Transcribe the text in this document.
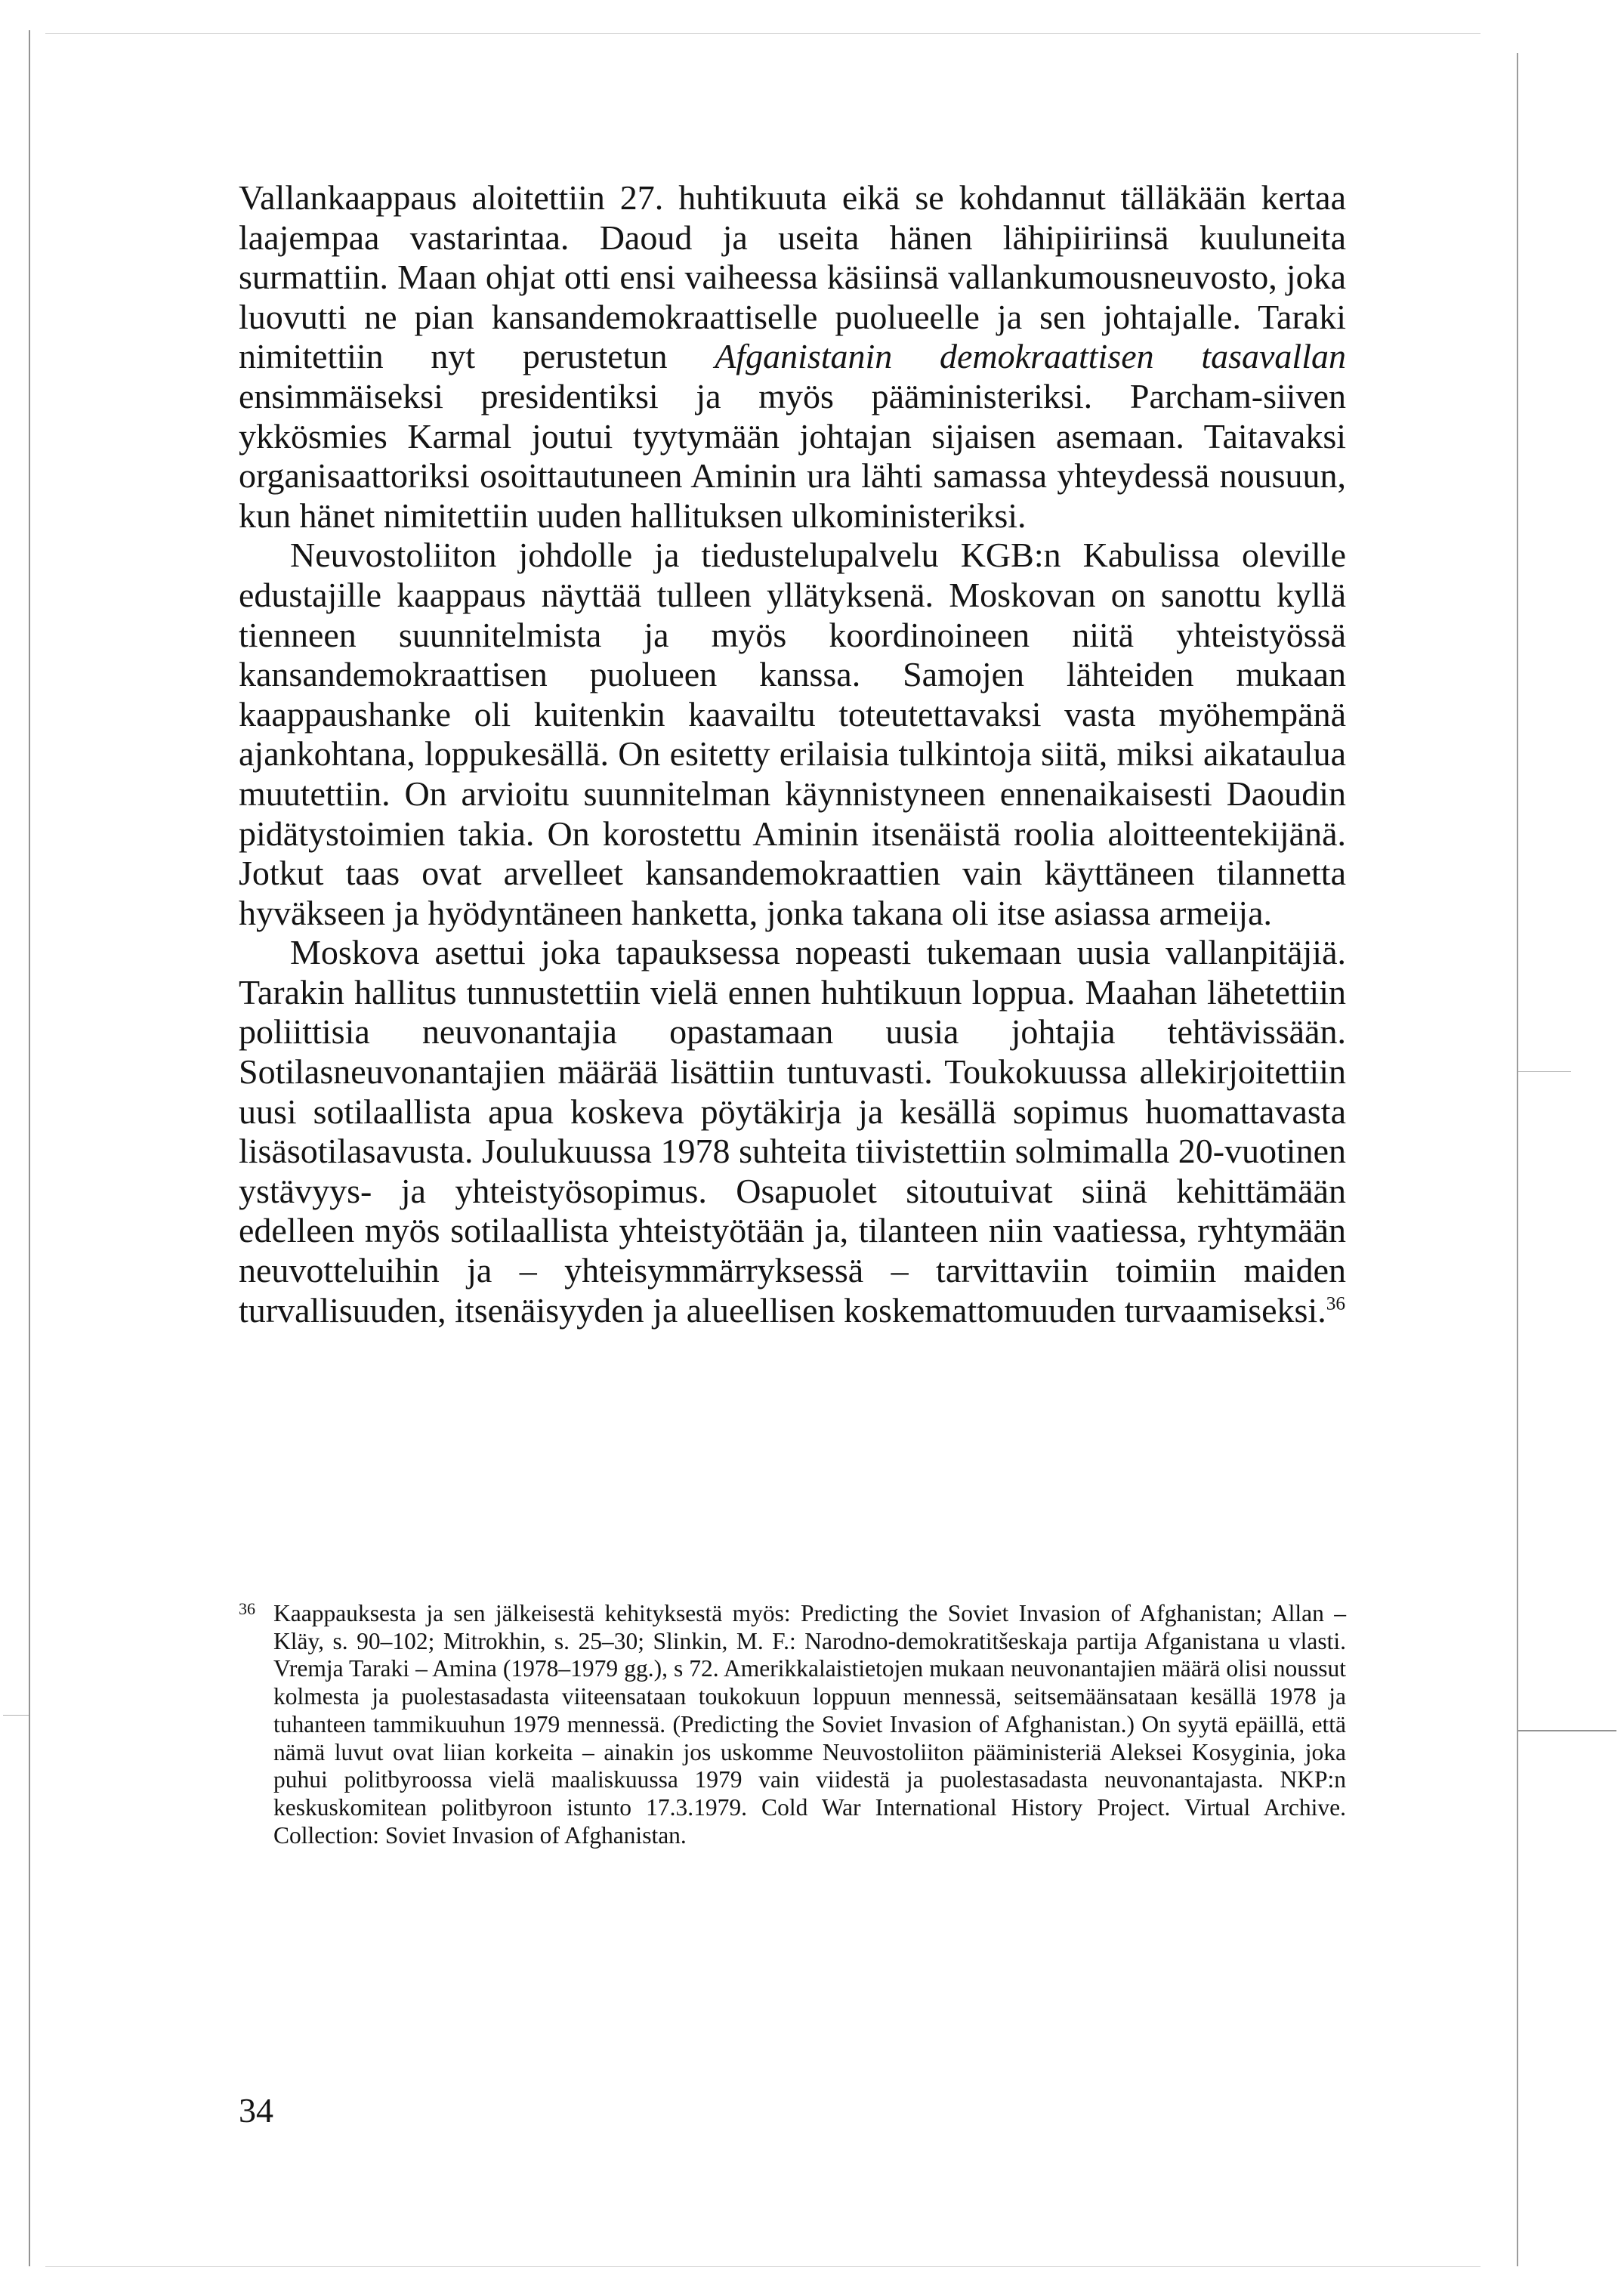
Vallankaappaus aloitettiin 27. huhtikuuta eikä se kohdannut tälläkään kertaa laajempaa vastarintaa. Daoud ja useita hänen lähipiiriinsä kuuluneita surmattiin. Maan ohjat otti ensi vaiheessa käsiinsä vallankumousneuvosto, joka luovutti ne pian kansandemokraattiselle puolueelle ja sen johtajalle. Taraki nimitettiin nyt perustetun Afganistanin demokraattisen tasavallan ensimmäiseksi presidentiksi ja myös pääministeriksi. Parcham-siiven ykkösmies Karmal joutui tyytymään johtajan sijaisen asemaan. Taitavaksi organisaattoriksi osoittautuneen Aminin ura lähti samassa yhteydessä nousuun, kun hänet nimitettiin uuden hallituksen ulkoministeriksi.

Neuvostoliiton johdolle ja tiedustelupalvelu KGB:n Kabulissa oleville edustajille kaappaus näyttää tulleen yllätyksenä. Moskovan on sanottu kyllä tienneen suunnitelmista ja myös koordinoineen niitä yhteistyössä kansandemokraattisen puolueen kanssa. Samojen lähteiden mukaan kaappaushanke oli kuitenkin kaavailtu toteutettavaksi vasta myöhempänä ajankohtana, loppukesällä. On esitetty erilaisia tulkintoja siitä, miksi aikataulua muutettiin. On arvioitu suunnitelman käynnistyneen ennenaikaisesti Daoudin pidätystoimien takia. On korostettu Aminin itsenäistä roolia aloitteentekijänä. Jotkut taas ovat arvelleet kansandemokraattien vain käyttäneen tilannetta hyväkseen ja hyödyntäneen hanketta, jonka takana oli itse asiassa armeija.

Moskova asettui joka tapauksessa nopeasti tukemaan uusia vallanpitäjiä. Tarakin hallitus tunnustettiin vielä ennen huhtikuun loppua. Maahan lähetettiin poliittisia neuvonantajia opastamaan uusia johtajia tehtävissään. Sotilasneuvonantajien määrää lisättiin tuntuvasti. Toukokuussa allekirjoitettiin uusi sotilaallista apua koskeva pöytäkirja ja kesällä sopimus huomattavasta lisäsotilasavusta. Joulukuussa 1978 suhteita tiivistettiin solmimalla 20-vuotinen ystävyys- ja yhteistyösopimus. Osapuolet sitoutuivat siinä kehittämään edelleen myös sotilaallista yhteistyötään ja, tilanteen niin vaatiessa, ryhtymään neuvotteluihin ja – yhteisymmärryksessä – tarvittaviin toimiin maiden turvallisuuden, itsenäisyyden ja alueellisen koskemattomuuden turvaamiseksi.$^{36}$

36 Kaappauksesta ja sen jälkeisestä kehityksestä myös: Predicting the Soviet Invasion of Afghanistan; Allan – Kläy, s. 90–102; Mitrokhin, s. 25–30; Slinkin, M. F.: Narodno-demokratitšeskaja partija Afganistana u vlasti. Vremja Taraki – Amina (1978–1979 gg.), s 72. Amerikkalaistietojen mukaan neuvonantajien määrä olisi noussut kolmesta ja puolestasadasta viiteensataan toukokuun loppuun mennessä, seitsemäänsataan kesällä 1978 ja tuhanteen tammikuuhun 1979 mennessä. (Predicting the Soviet Invasion of Afghanistan.) On syytä epäillä, että nämä luvut ovat liian korkeita – ainakin jos uskomme Neuvostoliiton pääministeriä Aleksei Kosyginia, joka puhui politbyroossa vielä maaliskuussa 1979 vain viidestä ja puolestasadasta neuvonantajasta. NKP:n keskuskomitean politbyroon istunto 17.3.1979. Cold War International History Project. Virtual Archive. Collection: Soviet Invasion of Afghanistan.

34
